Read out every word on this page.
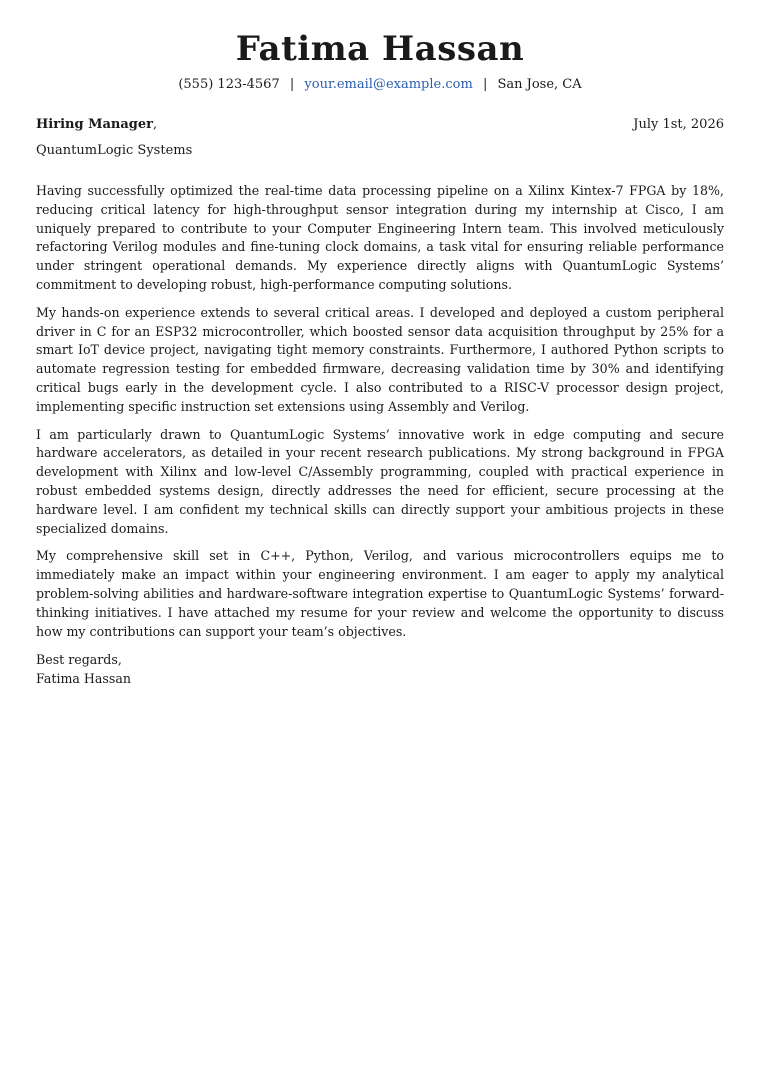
Fatima Hassan
(555) 123-4567 | your.email@example.com | San Jose, CA
Hiring Manager,	July 1st, 2026
QuantumLogic Systems

Having successfully optimized the real-time data processing pipeline on a Xilinx Kintex-7 FPGA by 18%, reducing critical latency for high-throughput sensor integration during my internship at Cisco, I am uniquely prepared to contribute to your Computer Engineering Intern team. This involved meticulously refactoring Verilog modules and fine-tuning clock domains, a task vital for ensuring reliable performance under stringent operational demands. My experience directly aligns with QuantumLogic Systems’ commitment to developing robust, high-performance computing solutions.

My hands-on experience extends to several critical areas. I developed and deployed a custom peripheral driver in C for an ESP32 microcontroller, which boosted sensor data acquisition throughput by 25% for a smart IoT device project, navigating tight memory constraints. Furthermore, I authored Python scripts to automate regression testing for embedded firmware, decreasing validation time by 30% and identifying critical bugs early in the development cycle. I also contributed to a RISC-V processor design project, implementing specific instruction set extensions using Assembly and Verilog.

I am particularly drawn to QuantumLogic Systems’ innovative work in edge computing and secure hardware accelerators, as detailed in your recent research publications. My strong background in FPGA development with Xilinx and low-level C/Assembly programming, coupled with practical experience in robust embedded systems design, directly addresses the need for efficient, secure processing at the hardware level. I am confident my technical skills can directly support your ambitious projects in these specialized domains.

My comprehensive skill set in C++, Python, Verilog, and various microcontrollers equips me to immediately make an impact within your engineering environment. I am eager to apply my analytical problem-solving abilities and hardware-software integration expertise to QuantumLogic Systems’ forward-thinking initiatives. I have attached my resume for your review and welcome the opportunity to discuss how my contributions can support your team’s objectives.

Best regards,
Fatima Hassan
